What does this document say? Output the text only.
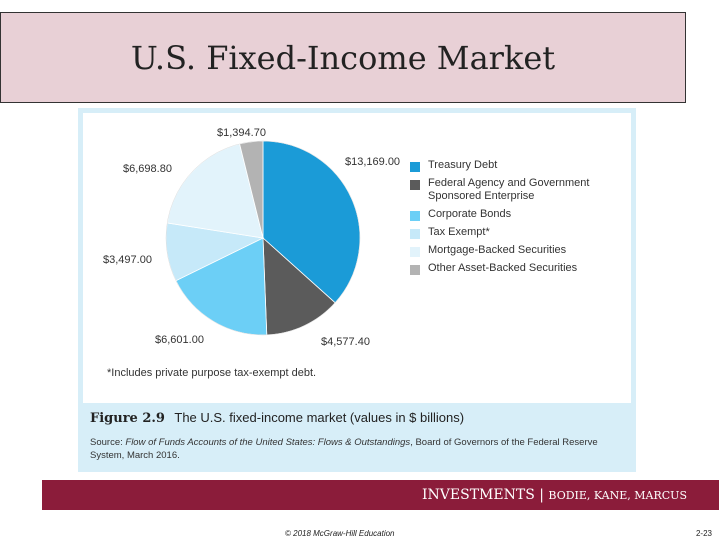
U.S. Fixed-Income Market
$13,169.00
$4,577.40
$6,601.00
$3,497.00
$6,698.80
$1,394.70
Treasury Debt
Federal Agency and Government Sponsored Enterprise
Corporate Bonds
Tax Exempt*
Mortgage-Backed Securities
Other Asset-Backed Securities
*Includes private purpose tax-exempt debt.
Figure 2.9 The U.S. fixed-income market (values in $ billions)
Source: Flow of Funds Accounts of the United States: Flows & Outstandings, Board of Governors of the Federal Reserve System, March 2016.
INVESTMENTS | BODIE, KANE, MARCUS
© 2018 McGraw-Hill Education	2-23
